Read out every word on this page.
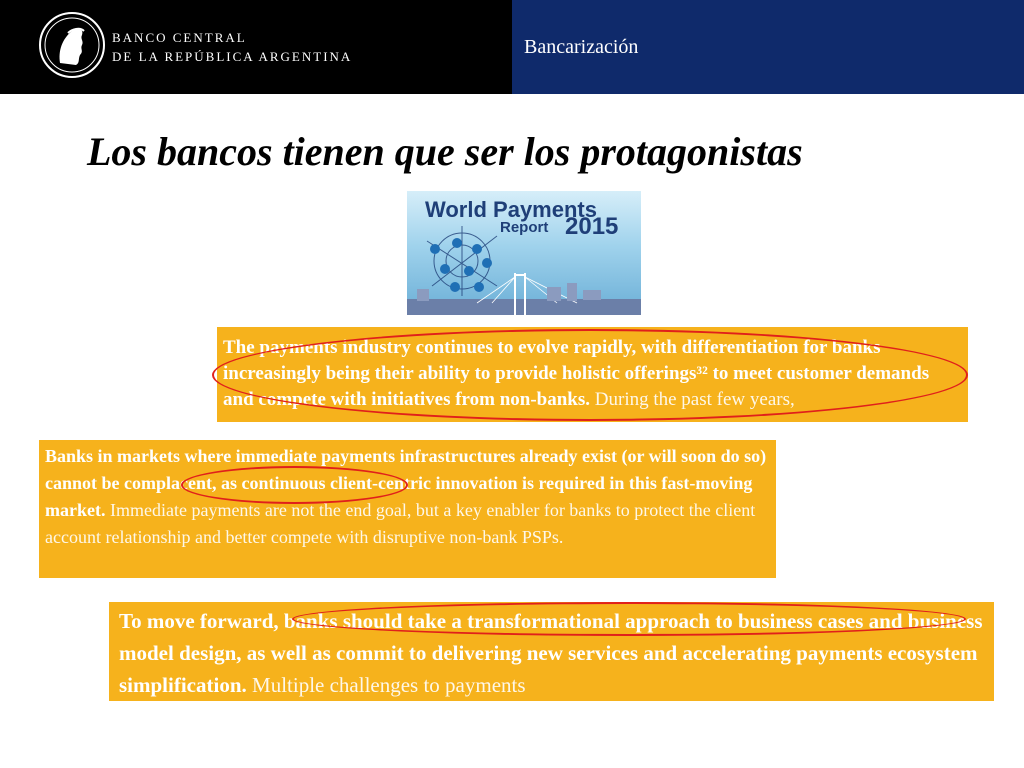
BANCO CENTRAL
DE LA REPÚBLICA ARGENTINA	Bancarización
Los bancos tienen que ser los protagonistas
World Payments
Report 2015
The payments industry continues to evolve rapidly, with differentiation for banks increasingly being their ability to provide holistic offerings³² to meet customer demands and compete with initiatives from non-banks. During the past few years,
Banks in markets where immediate payments infrastructures already exist (or will soon do so) cannot be complacent, as continuous client-centric innovation is required in this fast-moving market. Immediate payments are not the end goal, but a key enabler for banks to protect the client account relationship and better compete with disruptive non-bank PSPs.
To move forward, banks should take a transformational approach to business cases and business model design, as well as commit to delivering new services and accelerating payments ecosystem simplification. Multiple challenges to payments
